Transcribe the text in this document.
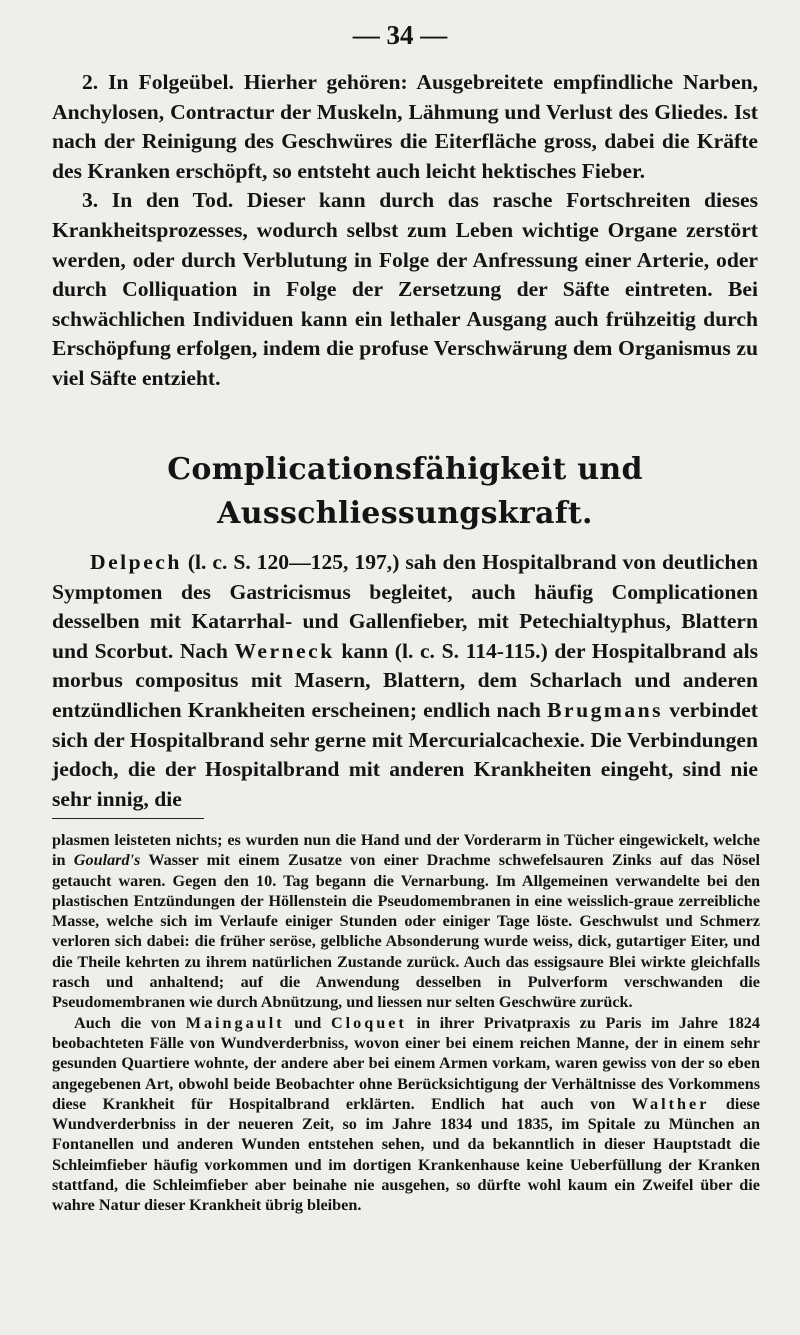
— 34 —

2. In Folgeübel. Hierher gehören: Ausgebreitete empfindliche Narben, Anchylosen, Contractur der Muskeln, Lähmung und Verlust des Gliedes. Ist nach der Reinigung des Geschwüres die Eiterfläche gross, dabei die Kräfte des Kranken erschöpft, so entsteht auch leicht hektisches Fieber.

3. In den Tod. Dieser kann durch das rasche Fortschreiten dieses Krankheitsprozesses, wodurch selbst zum Leben wichtige Organe zerstört werden, oder durch Verblutung in Folge der Anfressung einer Arterie, oder durch Colliquation in Folge der Zersetzung der Säfte eintreten. Bei schwächlichen Individuen kann ein lethaler Ausgang auch frühzeitig durch Erschöpfung erfolgen, indem die profuse Verschwärung dem Organismus zu viel Säfte entzieht.

Complicationsfähigkeit und Ausschliessungskraft.

Delpech (l. c. S. 120—125, 197,) sah den Hospitalbrand von deutlichen Symptomen des Gastricismus begleitet, auch häufig Complicationen desselben mit Katarrhal- und Gallenfieber, mit Petechialtyphus, Blattern und Scorbut. Nach Werneck kann (l. c. S. 114-115.) der Hospitalbrand als morbus compositus mit Masern, Blattern, dem Scharlach und anderen entzündlichen Krankheiten erscheinen; endlich nach Brugmans verbindet sich der Hospitalbrand sehr gerne mit Mercurialcachexie. Die Verbindungen jedoch, die der Hospitalbrand mit anderen Krankheiten eingeht, sind nie sehr innig, die

plasmen leisteten nichts; es wurden nun die Hand und der Vorderarm in Tücher eingewickelt, welche in Goulard's Wasser mit einem Zusatze von einer Drachme schwefelsauren Zinks auf das Nösel getaucht waren. Gegen den 10. Tag begann die Vernarbung. Im Allgemeinen verwandelte bei den plastischen Entzündungen der Höllenstein die Pseudomembranen in eine weisslich-graue zerreibliche Masse, welche sich im Verlaufe einiger Stunden oder einiger Tage löste. Geschwulst und Schmerz verloren sich dabei: die früher seröse, gelbliche Absonderung wurde weiss, dick, gutartiger Eiter, und die Theile kehrten zu ihrem natürlichen Zustande zurück. Auch das essigsaure Blei wirkte gleichfalls rasch und anhaltend; auf die Anwendung desselben in Pulverform verschwanden die Pseudomembranen wie durch Abnützung, und liessen nur selten Geschwüre zurück.

Auch die von Maingault und Cloquet in ihrer Privatpraxis zu Paris im Jahre 1824 beobachteten Fälle von Wundverderbniss, wovon einer bei einem reichen Manne, der in einem sehr gesunden Quartiere wohnte, der andere aber bei einem Armen vorkam, waren gewiss von der so eben angegebenen Art, obwohl beide Beobachter ohne Berücksichtigung der Verhältnisse des Vorkommens diese Krankheit für Hospitalbrand erklärten. Endlich hat auch von Walther diese Wundverderbniss in der neueren Zeit, so im Jahre 1834 und 1835, im Spitale zu München an Fontanellen und anderen Wunden entstehen sehen, und da bekanntlich in dieser Hauptstadt die Schleimfieber häufig vorkommen und im dortigen Krankenhause keine Ueberfüllung der Kranken stattfand, die Schleimfieber aber beinahe nie ausgehen, so dürfte wohl kaum ein Zweifel über die wahre Natur dieser Krankheit übrig bleiben.
